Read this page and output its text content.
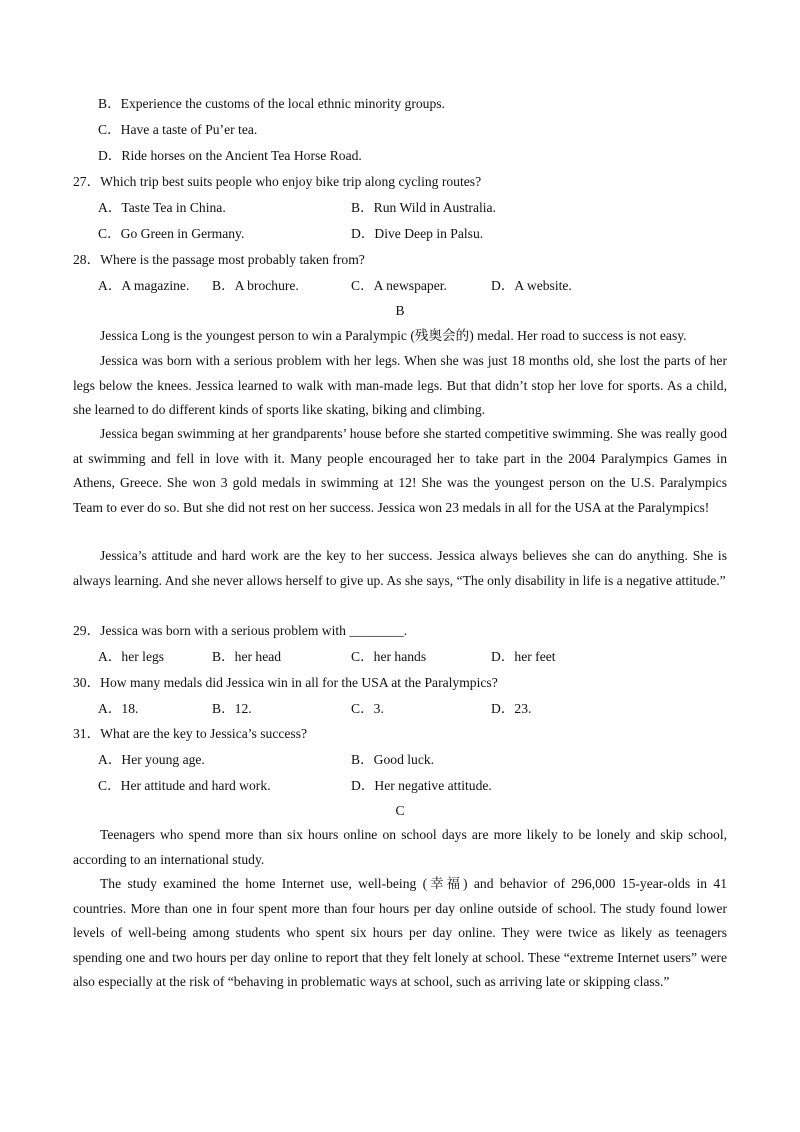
B．Experience the customs of the local ethnic minority groups.
C．Have a taste of Pu’er tea.
D．Ride horses on the Ancient Tea Horse Road.
27．Which trip best suits people who enjoy bike trip along cycling routes?
A．Taste Tea in China.	B．Run Wild in Australia.
C．Go Green in Germany.	D．Dive Deep in Palsu.
28．Where is the passage most probably taken from?
A．A magazine. B．A brochure.	C．A newspaper.	D．A website.
B
Jessica Long is the youngest person to win a Paralympic (残奥会的) medal. Her road to success is not easy.
Jessica was born with a serious problem with her legs. When she was just 18 months old, she lost the parts of her legs below the knees. Jessica learned to walk with man-made legs. But that didn’t stop her love for sports. As a child, she learned to do different kinds of sports like skating, biking and climbing.
Jessica began swimming at her grandparents’ house before she started competitive swimming. She was really good at swimming and fell in love with it. Many people encouraged her to take part in the 2004 Paralympics Games in Athens, Greece. She won 3 gold medals in swimming at 12! She was the youngest person on the U.S. Paralympics Team to ever do so. But she did not rest on her success. Jessica won 23 medals in all for the USA at the Paralympics!
Jessica’s attitude and hard work are the key to her success. Jessica always believes she can do anything. She is always learning. And she never allows herself to give up. As she says, “The only disability in life is a negative attitude.”
29．Jessica was born with a serious problem with ________.
A．her legs	B．her head	C．her hands	D．her feet
30．How many medals did Jessica win in all for the USA at the Paralympics?
A．18.	B．12.	C．3.	D．23.
31．What are the key to Jessica’s success?
A．Her young age.	B．Good luck.
C．Her attitude and hard work.	D．Her negative attitude.
C
Teenagers who spend more than six hours online on school days are more likely to be lonely and skip school, according to an international study.
The study examined the home Internet use, well-being (幸福) and behavior of 296,000 15-year-olds in 41 countries. More than one in four spent more than four hours per day online outside of school. The study found lower levels of well-being among students who spent six hours per day online. They were twice as likely as teenagers spending one and two hours per day online to report that they felt lonely at school. These “extreme Internet users” were also especially at the risk of “behaving in problematic ways at school, such as arriving late or skipping class.”
